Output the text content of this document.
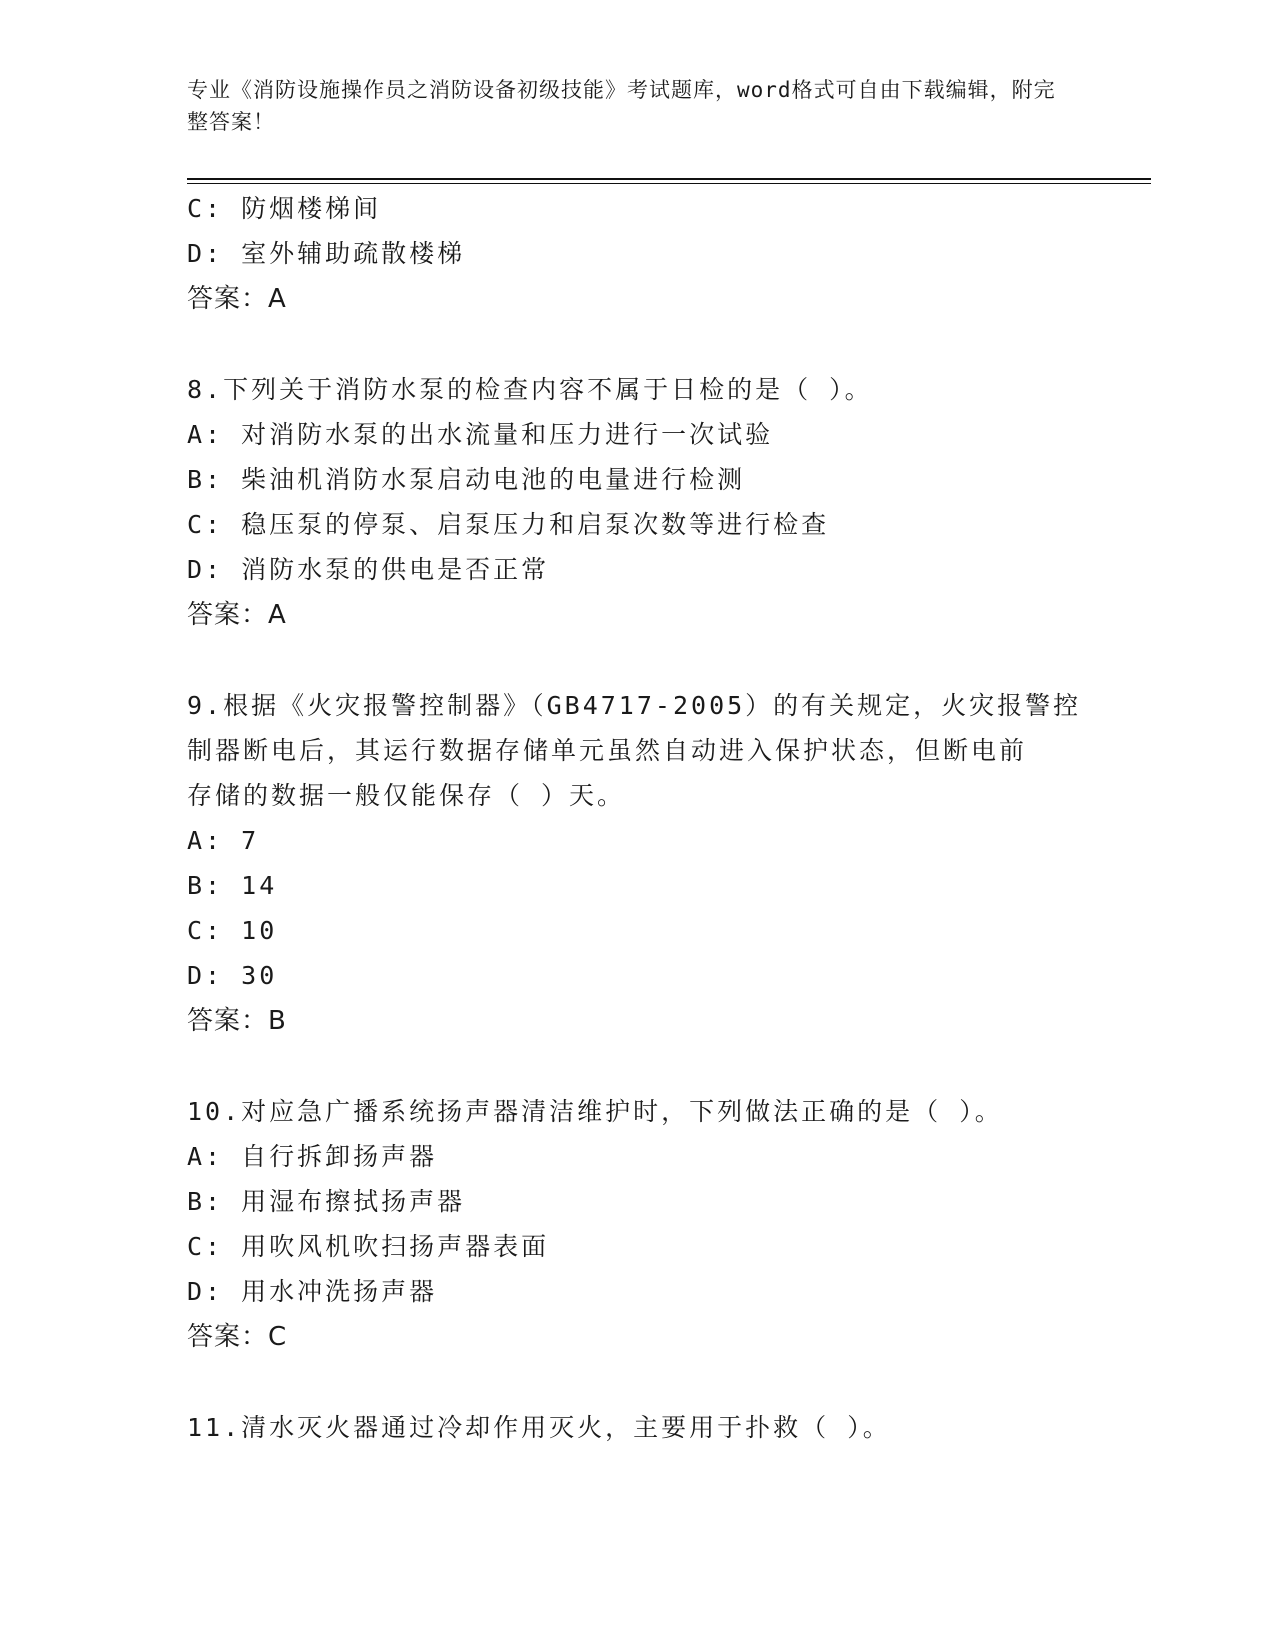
专业《消防设施操作员之消防设备初级技能》考试题库，word格式可自由下载编辑，附完整答案！
C: 防烟楼梯间
D: 室外辅助疏散楼梯
答案：A
8.下列关于消防水泵的检查内容不属于日检的是（ ）。
A: 对消防水泵的出水流量和压力进行一次试验
B: 柴油机消防水泵启动电池的电量进行检测
C: 稳压泵的停泵、启泵压力和启泵次数等进行检查
D: 消防水泵的供电是否正常
答案：A
9.根据《火灾报警控制器》（GB4717-2005）的有关规定，火灾报警控
制器断电后，其运行数据存储单元虽然自动进入保护状态，但断电前
存储的数据一般仅能保存（ ）天。
A: 7
B: 14
C: 10
D: 30
答案：B
10.对应急广播系统扬声器清洁维护时，下列做法正确的是（ ）。
A: 自行拆卸扬声器
B: 用湿布擦拭扬声器
C: 用吹风机吹扫扬声器表面
D: 用水冲洗扬声器
答案：C
11.清水灭火器通过冷却作用灭火，主要用于扑救（ ）。
